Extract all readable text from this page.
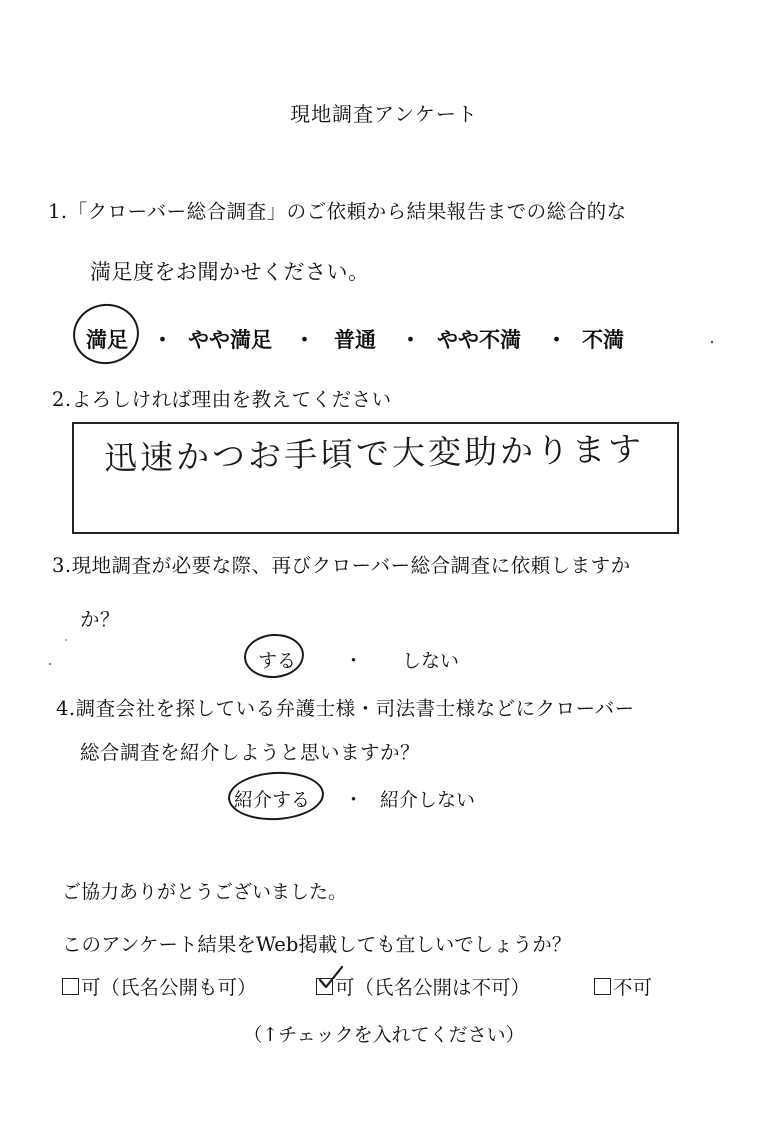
現地調査アンケート
1.「クローバー総合調査」のご依頼から結果報告までの総合的な
満足度をお聞かせください。
満足 ・ やや満足 ・ 普通 ・ やや不満 ・ 不満
2.よろしければ理由を教えてください
迅速かつお手頃で大変助かります
3.現地調査が必要な際、再びクローバー総合調査に依頼しますか
か？
する	・ しない
4.調査会社を探している弁護士様・司法書士様などにクローバー
総合調査を紹介しようと思いますか？
紹介する ・ 紹介しない
ご協力ありがとうございました。
このアンケート結果をWeb掲載しても宜しいでしょうか？
可（氏名公開も可）	可（氏名公開は不可）	不可
（↑チェックを入れてください）
